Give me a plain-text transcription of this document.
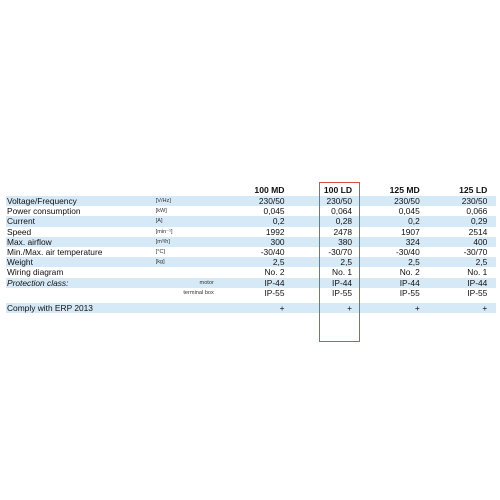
		100 MD	100 LD	125 MD	125 LD	
Voltage/Frequency	[V/Hz]	230/50	230/50	230/50	230/50	
Power consumption	[kW]	0,045	0,064	0,045	0,066	
Current	[A]	0,2	0,28	0,2	0,29	
Speed	[min⁻¹]	1992	2478	1907	2514	
Max. airflow	[m³/h]	300	380	324	400	
Min./Max. air temperature	[°C]	-30/40	-30/70	-30/40	-30/70	
Weight	[kg]	2,5	2,5	2,5	2,5	
Wiring diagram		No. 2	No. 1	No. 2	No. 1	
Protection class:	motor	IP-44	IP-44	IP-44	IP-44	
	terminal box	IP-55	IP-55	IP-55	IP-55	

Comply with ERP 2013		+	+	+	+	
